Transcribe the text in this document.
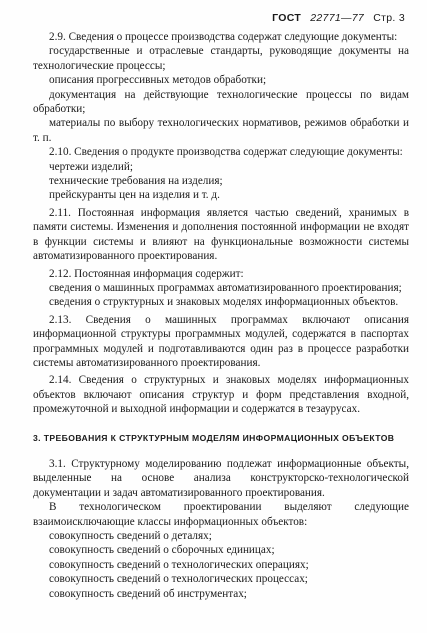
ГОСТ 22771—77 Стр. 3

2.9. Сведения о процессе производства содержат следующие документы:

государственные и отраслевые стандарты, руководящие документы на технологические процессы;

описания прогрессивных методов обработки;

документация на действующие технологические процессы по видам обработки;

материалы по выбору технологических нормативов, режимов обработки и т. п.

2.10. Сведения о продукте производства содержат следующие документы:

чертежи изделий;

технические требования на изделия;

прейскуранты цен на изделия и т. д.

2.11. Постоянная информация является частью сведений, хранимых в памяти системы. Изменения и дополнения постоянной информации не входят в функции системы и влияют на функциональные возможности системы автоматизированного проектирования.

2.12. Постоянная информация содержит:

сведения о машинных программах автоматизированного проектирования;

сведения о структурных и знаковых моделях информационных объектов.

2.13. Сведения о машинных программах включают описания информационной структуры программных модулей, содержатся в паспортах программных модулей и подготавливаются один раз в процессе разработки системы автоматизированного проектирования.

2.14. Сведения о структурных и знаковых моделях информационных объектов включают описания структур и форм представления входной, промежуточной и выходной информации и содержатся в тезаурусах.

3. ТРЕБОВАНИЯ К СТРУКТУРНЫМ МОДЕЛЯМ ИНФОРМАЦИОННЫХ ОБЪЕКТОВ

3.1. Структурному моделированию подлежат информационные объекты, выделенные на основе анализа конструкторско-технологической документации и задач автоматизированного проектирования.

В технологическом проектировании выделяют следующие взаимоисключающие классы информационных объектов:

совокупность сведений о деталях;

совокупность сведений о сборочных единицах;

совокупность сведений о технологических операциях;

совокупность сведений о технологических процессах;

совокупность сведений об инструментах;
